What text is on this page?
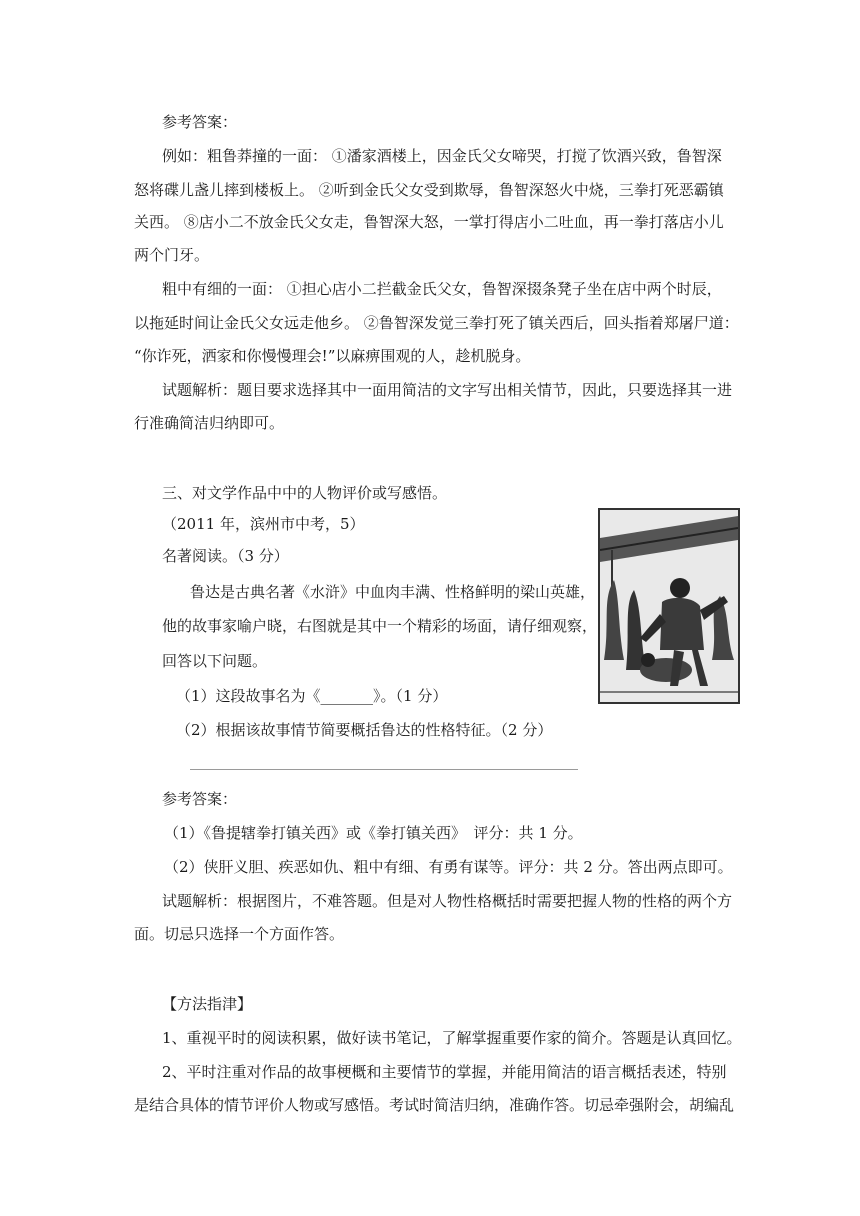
参考答案：
例如：粗鲁莽撞的一面： ①潘家酒楼上，因金氏父女啼哭，打搅了饮酒兴致，鲁智深
怒将碟儿盏儿摔到楼板上。 ②听到金氏父女受到欺辱，鲁智深怒火中烧，三拳打死恶霸镇
关西。 ⑧店小二不放金氏父女走，鲁智深大怒，一掌打得店小二吐血，再一拳打落店小儿
两个门牙。
粗中有细的一面： ①担心店小二拦截金氏父女，鲁智深掇条凳子坐在店中两个时辰，
以拖延时间让金氏父女远走他乡。 ②鲁智深发觉三拳打死了镇关西后，回头指着郑屠尸道：
“你诈死，洒家和你慢慢理会!”以麻痹围观的人，趁机脱身。
试题解析：题目要求选择其中一面用简洁的文字写出相关情节，因此，只要选择其一进
行准确简洁归纳即可。
三、对文学作品中中的人物评价或写感悟。
（2011 年，滨州市中考，5）
名著阅读。（3 分）
鲁达是古典名著《水浒》中血肉丰满、性格鲜明的梁山英雄，
他的故事家喻户晓，右图就是其中一个精彩的场面，请仔细观察，
回答以下问题。
（1）这段故事名为《_______》。（1 分）
（2）根据该故事情节简要概括鲁达的性格特征。（2 分）
参考答案：
（1）《鲁提辖拳打镇关西》或《拳打镇关西》　评分：共 1 分。
（2）侠肝义胆、疾恶如仇、粗中有细、有勇有谋等。评分：共 2 分。答出两点即可。
试题解析：根据图片，不难答题。但是对人物性格概括时需要把握人物的性格的两个方
面。切忌只选择一个方面作答。
【方法指津】
1、重视平时的阅读积累，做好读书笔记，了解掌握重要作家的简介。答题是认真回忆。
2、平时注重对作品的故事梗概和主要情节的掌握，并能用简洁的语言概括表述，特别
是结合具体的情节评价人物或写感悟。考试时简洁归纳，准确作答。切忌牵强附会，胡编乱
